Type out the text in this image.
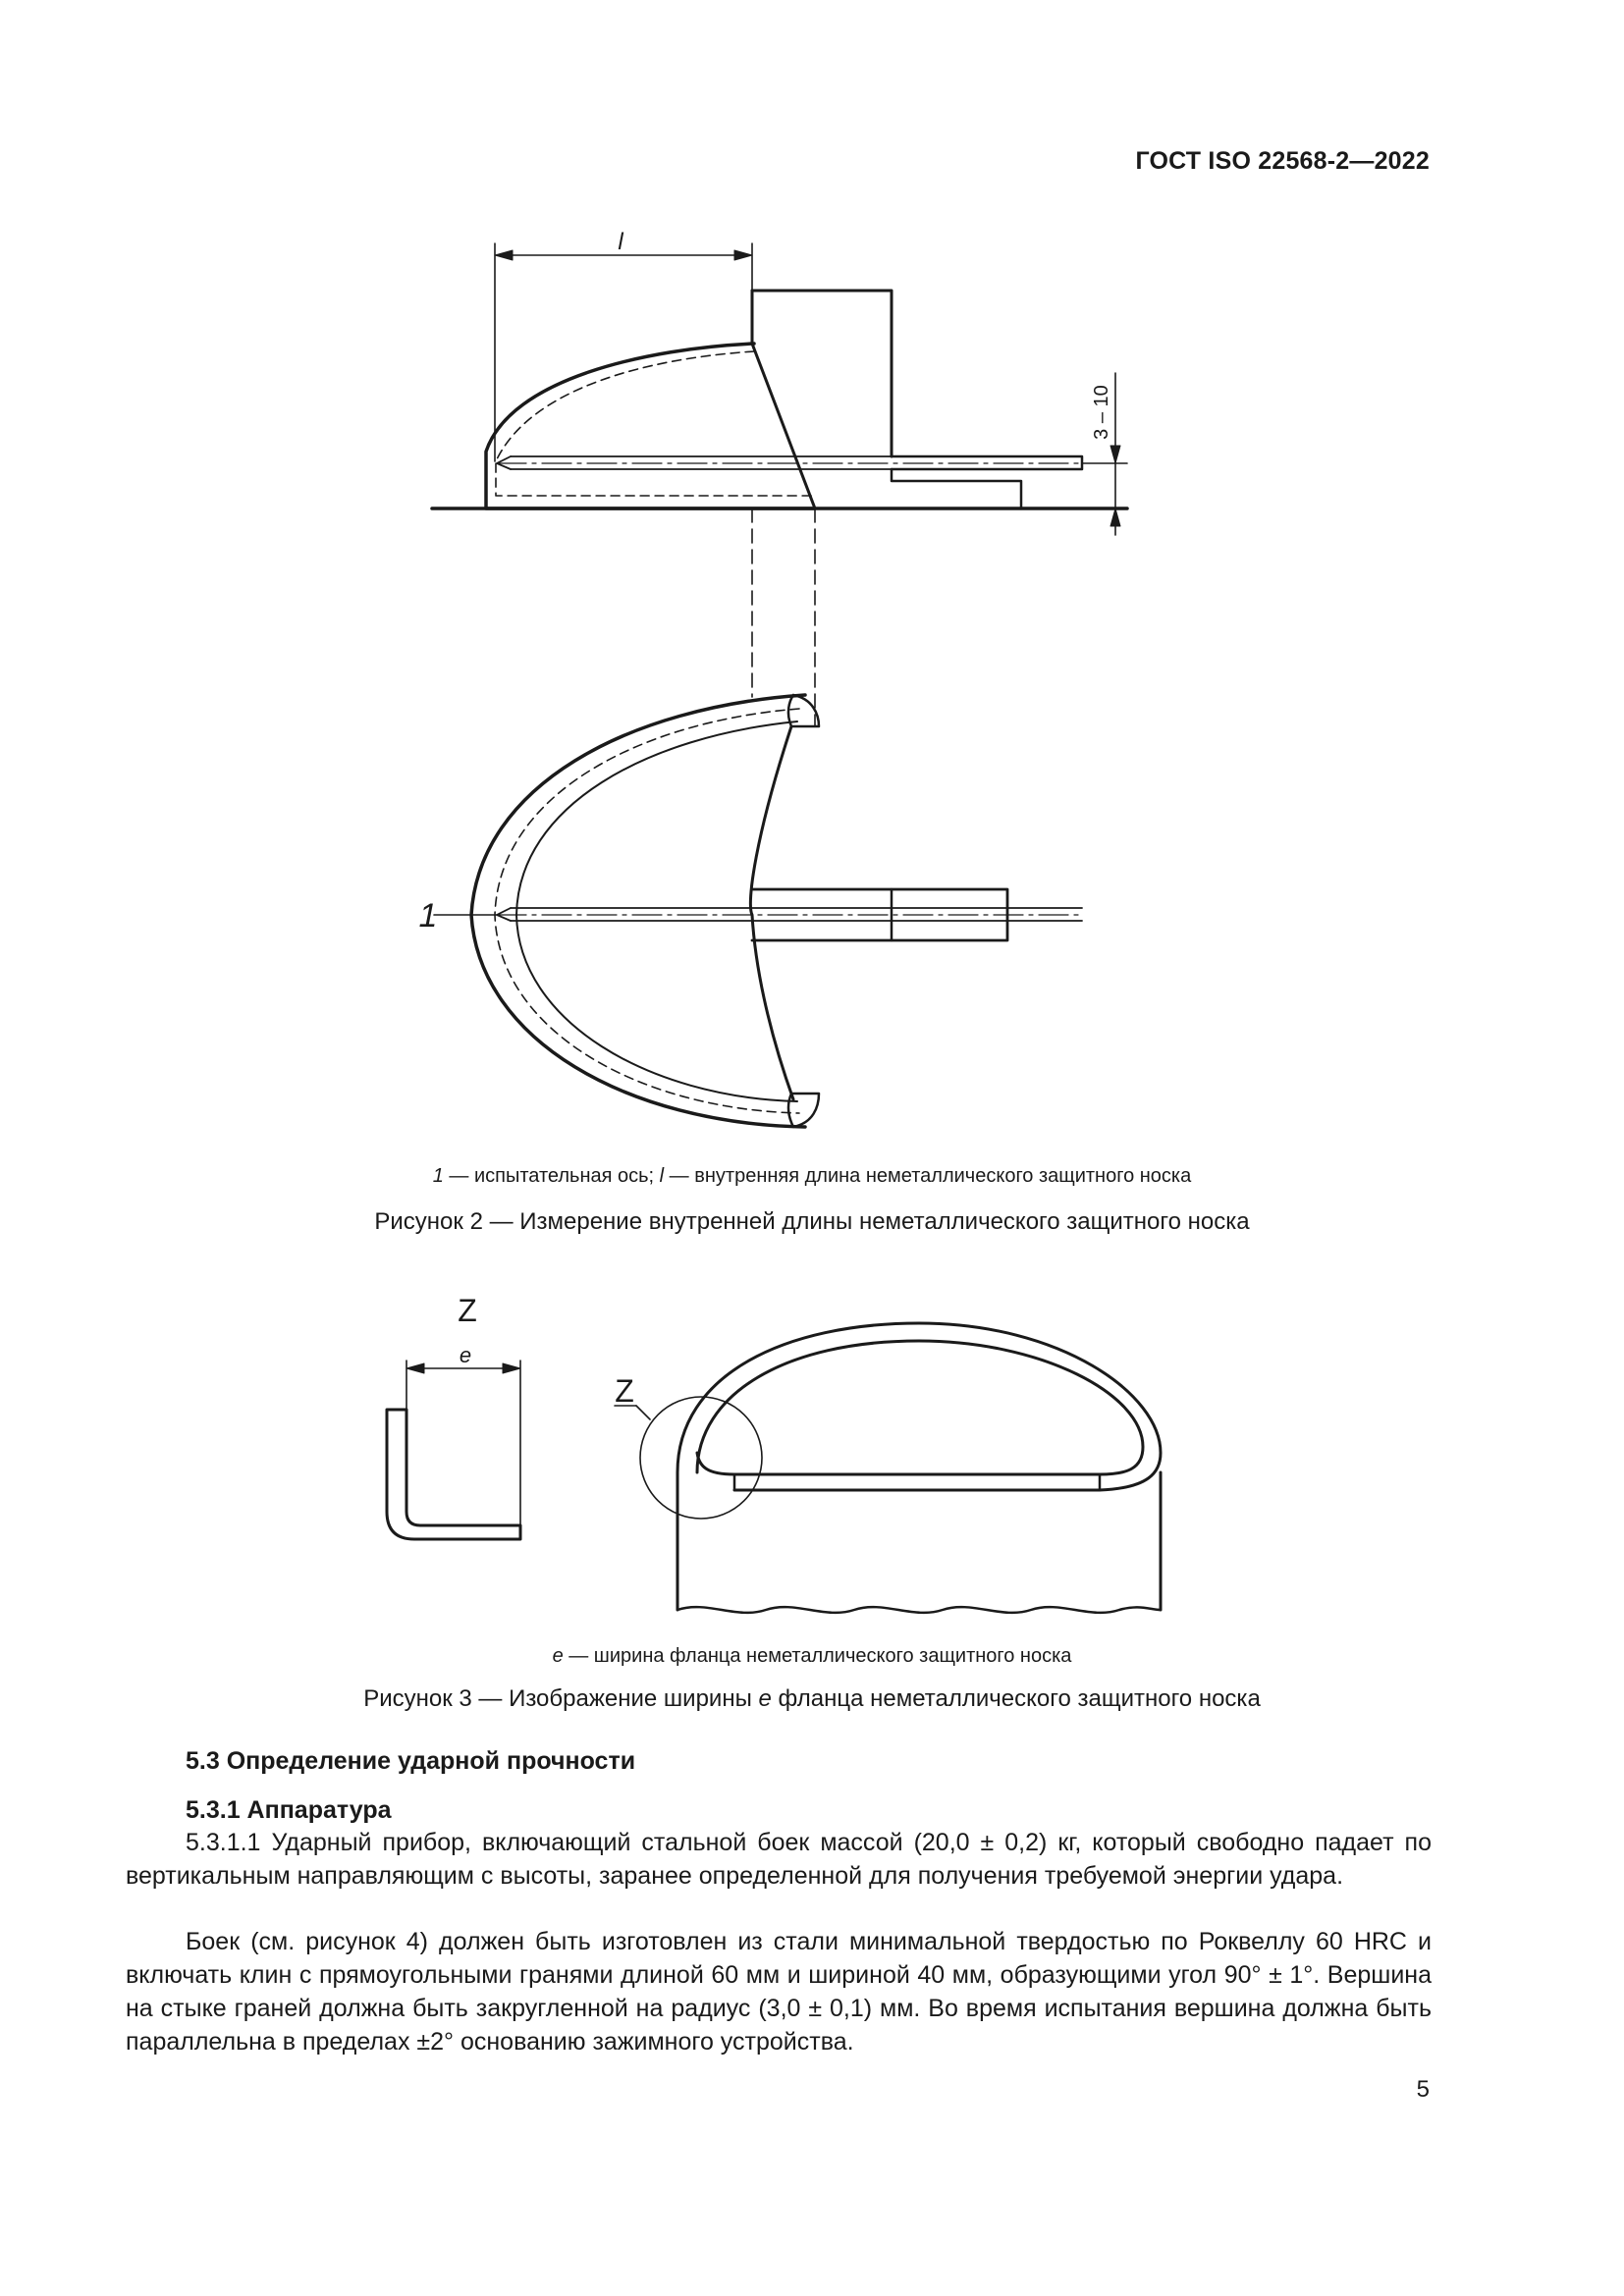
ГОСТ ISO 22568-2—2022
l
3 – 10
1
1 — испытательная ось; l — внутренняя длина неметаллического защитного носка
Рисунок 2 — Измерение внутренней длины неметаллического защитного носка
Z
e
Z
e — ширина фланца неметаллического защитного носка
Рисунок 3 — Изображение ширины e фланца неметаллического защитного носка
5.3 Определение ударной прочности
5.3.1 Аппаратура

5.3.1.1 Ударный прибор, включающий стальной боек массой (20,0 ± 0,2) кг, который свободно падает по вертикальным направляющим с высоты, заранее определенной для получения требуемой энергии удара.

Боек (см. рисунок 4) должен быть изготовлен из стали минимальной твердостью по Роквеллу 60 HRC и включать клин с прямоугольными гранями длиной 60 мм и шириной 40 мм, образующими угол 90° ± 1°. Вершина на стыке граней должна быть закругленной на радиус (3,0 ± 0,1) мм. Во время испытания вершина должна быть параллельна в пределах ±2° основанию зажимного устройства.

5
